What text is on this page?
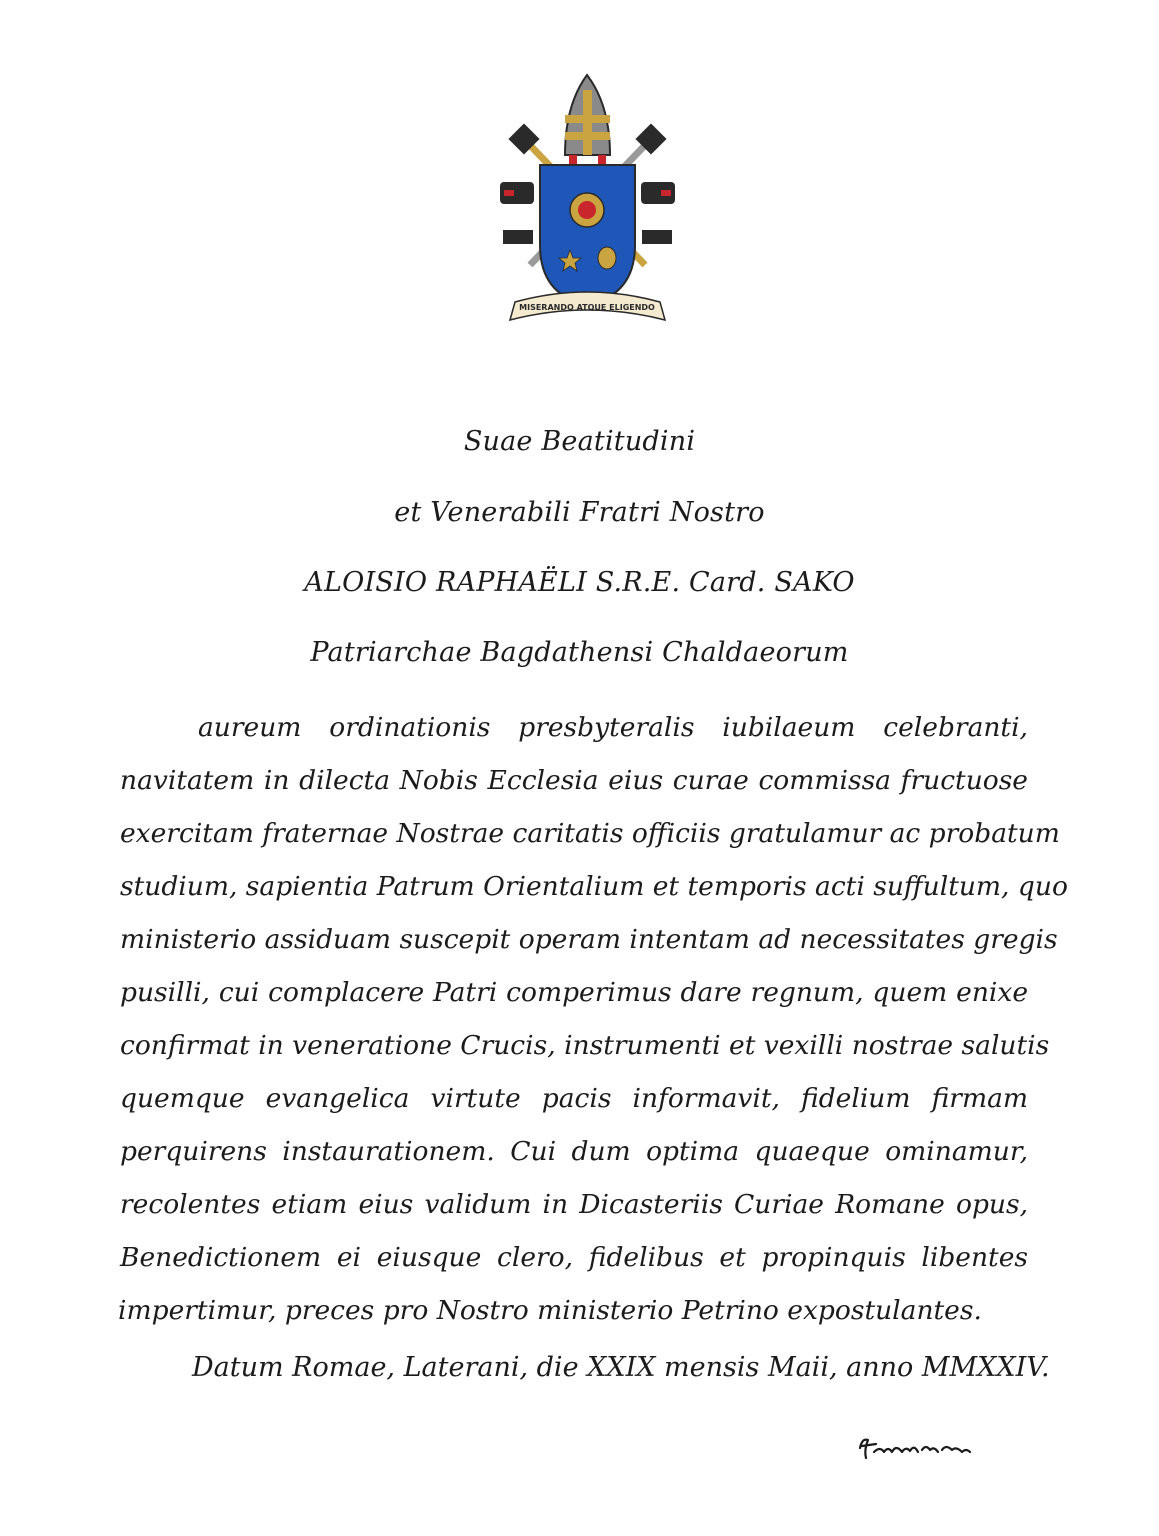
MISERANDO ATQUE ELIGENDO
Suae Beatitudini
et Venerabili Fratri Nostro
ALOISIO RAPHAËLI S.R.E. Card. SAKO
Patriarchae Bagdathensi Chaldaeorum
aureum ordinationis presbyteralis iubilaeum celebranti,
navitatem in dilecta Nobis Ecclesia eius curae commissa fructuose
exercitam fraternae Nostrae caritatis officiis gratulamur ac probatum
studium, sapientia Patrum Orientalium et temporis acti suffultum, quo
ministerio assiduam suscepit operam intentam ad necessitates gregis
pusilli, cui complacere Patri comperimus dare regnum, quem enixe
confirmat in veneratione Crucis, instrumenti et vexilli nostrae salutis
quemque evangelica virtute pacis informavit, fidelium firmam
perquirens instaurationem. Cui dum optima quaeque ominamur,
recolentes etiam eius validum in Dicasteriis Curiae Romane opus,
Benedictionem ei eiusque clero, fidelibus et propinquis libentes
impertimur, preces pro Nostro ministerio Petrino expostulantes.
Datum Romae, Laterani, die XXIX mensis Maii, anno MMXXIV.
